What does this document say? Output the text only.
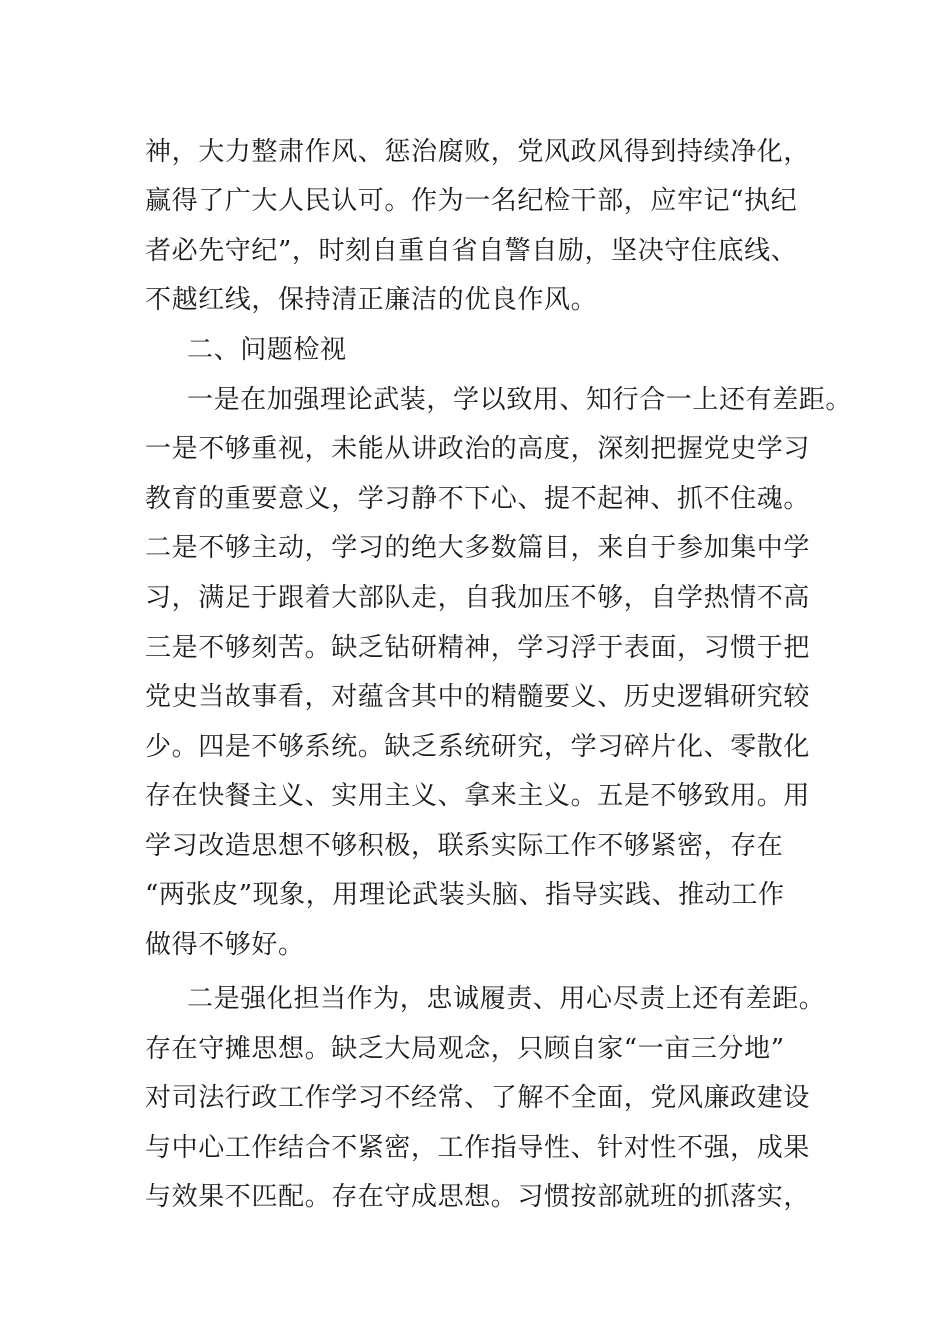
神，大力整肃作风、惩治腐败，党风政风得到持续净化，
赢得了广大人民认可。作为一名纪检干部，应牢记“执纪
者必先守纪”，时刻自重自省自警自励，坚决守住底线、
不越红线，保持清正廉洁的优良作风。
二、问题检视
一是在加强理论武装，学以致用、知行合一上还有差距。
一是不够重视，未能从讲政治的高度，深刻把握党史学习
教育的重要意义，学习静不下心、提不起神、抓不住魂。
二是不够主动，学习的绝大多数篇目，来自于参加集中学
习，满足于跟着大部队走，自我加压不够，自学热情不高
三是不够刻苦。缺乏钻研精神，学习浮于表面，习惯于把
党史当故事看，对蕴含其中的精髓要义、历史逻辑研究较
少。四是不够系统。缺乏系统研究，学习碎片化、零散化
存在快餐主义、实用主义、拿来主义。五是不够致用。用
学习改造思想不够积极，联系实际工作不够紧密，存在
“两张皮”现象，用理论武装头脑、指导实践、推动工作
做得不够好。
二是强化担当作为，忠诚履责、用心尽责上还有差距。
存在守摊思想。缺乏大局观念，只顾自家“一亩三分地”
对司法行政工作学习不经常、了解不全面，党风廉政建设
与中心工作结合不紧密，工作指导性、针对性不强，成果
与效果不匹配。存在守成思想。习惯按部就班的抓落实，
